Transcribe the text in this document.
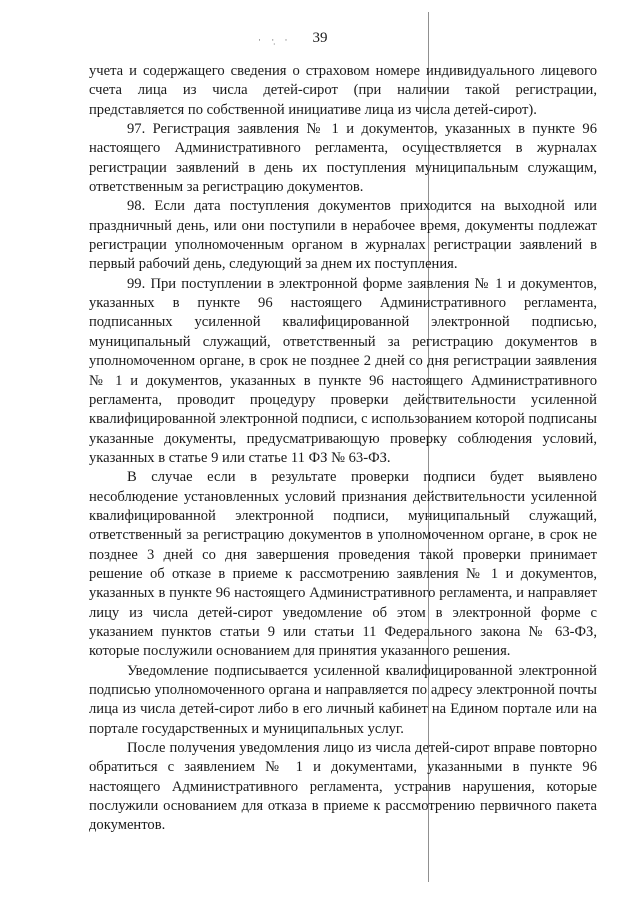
· ·̣ ·	39

учета и содержащего сведения о страховом номере индивидуального лицевого счета лица из числа детей-сирот (при наличии такой регистрации, представляется по собственной инициативе лица из числа детей-сирот).

97. Регистрация заявления № 1 и документов, указанных в пункте 96 настоящего Административного регламента, осуществляется в журналах регистрации заявлений в день их поступления муниципальным служащим, ответственным за регистрацию документов.

98. Если дата поступления документов приходится на выходной или праздничный день, или они поступили в нерабочее время, документы подлежат регистрации уполномоченным органом в журналах регистрации заявлений в первый рабочий день, следующий за днем их поступления.

99. При поступлении в электронной форме заявления № 1 и документов, указанных в пункте 96 настоящего Административного регламента, подписанных усиленной квалифицированной электронной подписью, муниципальный служащий, ответственный за регистрацию документов в уполномоченном органе, в срок не позднее 2 дней со дня регистрации заявления № 1 и документов, указанных в пункте 96 настоящего Административного регламента, проводит процедуру проверки действительности усиленной квалифицированной электронной подписи, с использованием которой подписаны указанные документы, предусматривающую проверку соблюдения условий, указанных в статье 9 или статье 11 ФЗ № 63-ФЗ.

В случае если в результате проверки подписи будет выявлено несоблюдение установленных условий признания действительности усиленной квалифицированной электронной подписи, муниципальный служащий, ответственный за регистрацию документов в уполномоченном органе, в срок не позднее 3 дней со дня завершения проведения такой проверки принимает решение об отказе в приеме к рассмотрению заявления № 1 и документов, указанных в пункте 96 настоящего Административного регламента, и направляет лицу из числа детей-сирот уведомление об этом в электронной форме с указанием пунктов статьи 9 или статьи 11 Федерального закона № 63-ФЗ, которые послужили основанием для принятия указанного решения.

Уведомление подписывается усиленной квалифицированной электронной подписью уполномоченного органа и направляется по адресу электронной почты лица из числа детей-сирот либо в его личный кабинет на Едином портале или на портале государственных и муниципальных услуг.

После получения уведомления лицо из числа детей-сирот вправе повторно обратиться с заявлением № 1 и документами, указанными в пункте 96 настоящего Административного регламента, устранив нарушения, которые послужили основанием для отказа в приеме к рассмотрению первичного пакета документов.
